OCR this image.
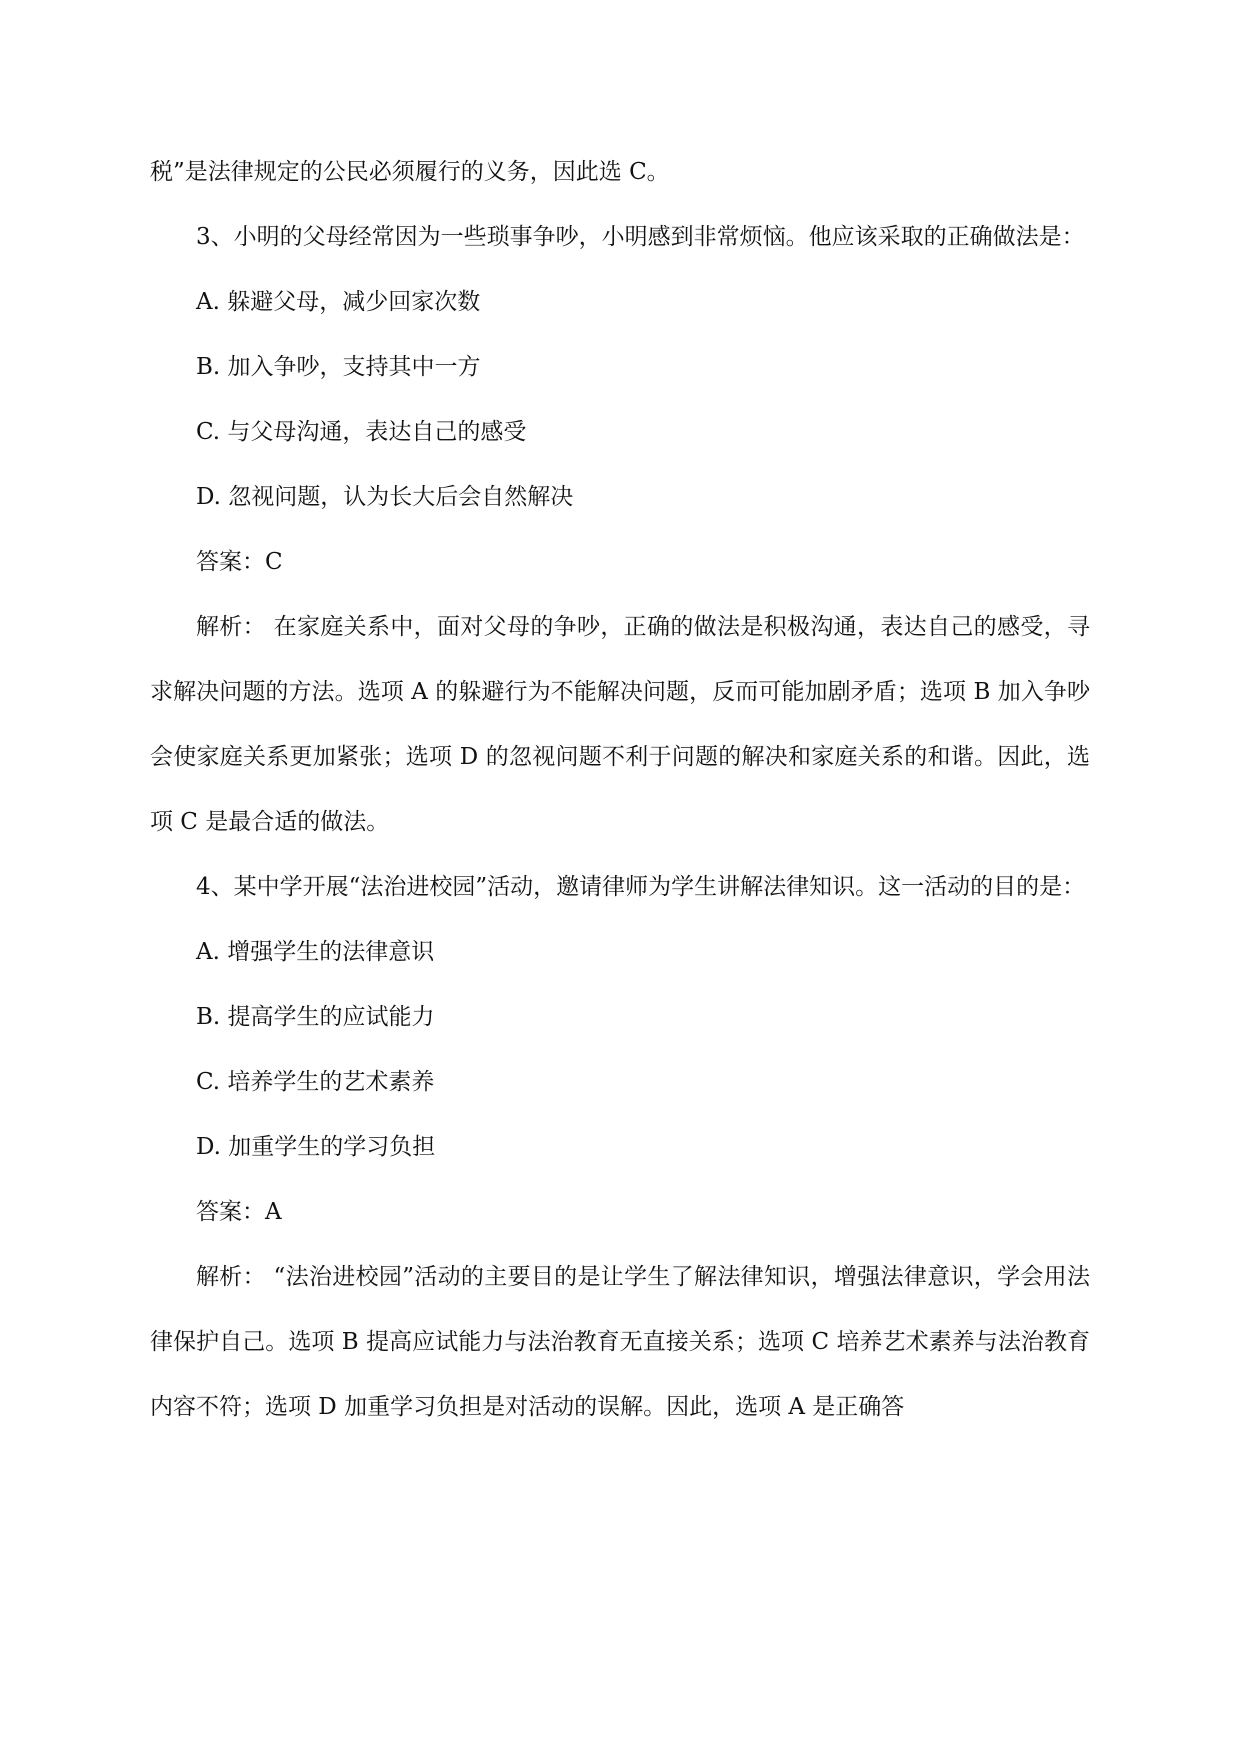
税”是法律规定的公民必须履行的义务，因此选 C。

3、小明的父母经常因为一些琐事争吵，小明感到非常烦恼。他应该采取的正确做法是：

A. 躲避父母，减少回家次数

B. 加入争吵，支持其中一方

C. 与父母沟通，表达自己的感受

D. 忽视问题，认为长大后会自然解决

答案：C

解析： 在家庭关系中，面对父母的争吵，正确的做法是积极沟通，表达自己的感受，寻求解决问题的方法。选项 A 的躲避行为不能解决问题，反而可能加剧矛盾；选项 B 加入争吵会使家庭关系更加紧张；选项 D 的忽视问题不利于问题的解决和家庭关系的和谐。因此，选项 C 是最合适的做法。

4、某中学开展“法治进校园”活动，邀请律师为学生讲解法律知识。这一活动的目的是：

A. 增强学生的法律意识

B. 提高学生的应试能力

C. 培养学生的艺术素养

D. 加重学生的学习负担

答案：A

解析： “法治进校园”活动的主要目的是让学生了解法律知识，增强法律意识，学会用法律保护自己。选项 B 提高应试能力与法治教育无直接关系；选项 C 培养艺术素养与法治教育内容不符；选项 D 加重学习负担是对活动的误解。因此，选项 A 是正确答
